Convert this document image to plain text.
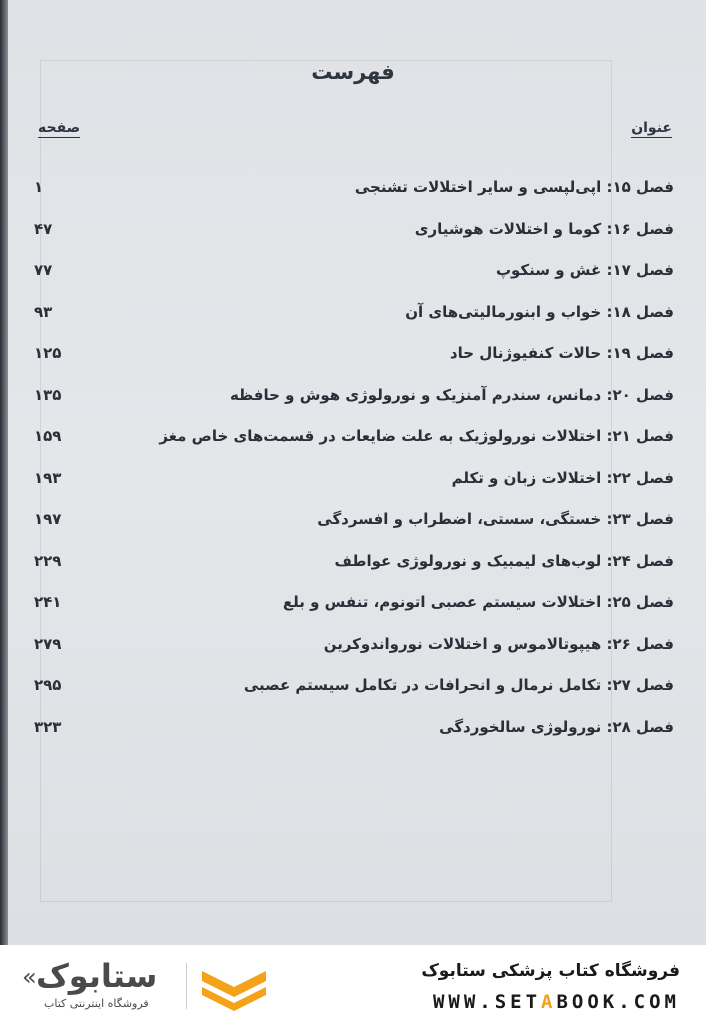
فهرست
عنوان
صفحه
۱	فصل ۱۵: اپی‌لپسی و سایر اختلالات تشنجی
۴۷	فصل ۱۶: کوما و اختلالات هوشیاری
۷۷	فصل ۱۷: غش و سنکوپ
۹۳	فصل ۱۸: خواب و ابنورمالیتی‌های آن
۱۲۵	فصل ۱۹: حالات کنفیوژنال حاد
۱۳۵	فصل ۲۰: دمانس، سندرم آمنزیک و نورولوژی هوش و حافظه
۱۵۹	فصل ۲۱: اختلالات نورولوژیک به علت ضایعات در قسمت‌های خاص مغز
۱۹۳	فصل ۲۲: اختلالات زبان و تکلم
۱۹۷	فصل ۲۳: خستگی، سستی، اضطراب و افسردگی
۲۲۹	فصل ۲۴: لوب‌های لیمبیک و نورولوژی عواطف
۲۴۱	فصل ۲۵: اختلالات سیستم عصبی اتونوم، تنفس و بلع
۲۷۹	فصل ۲۶: هیپوتالاموس و اختلالات نورواندوکرین
۲۹۵	فصل ۲۷: تکامل نرمال و انحرافات در تکامل سیستم عصبی
۳۲۳	فصل ۲۸: نورولوژی سالخوردگی
فروشگاه کتاب پزشکی ستابوک
WWW.SETABOOK.COM
« ستابوک
فروشگاه اینترنتی کتاب
